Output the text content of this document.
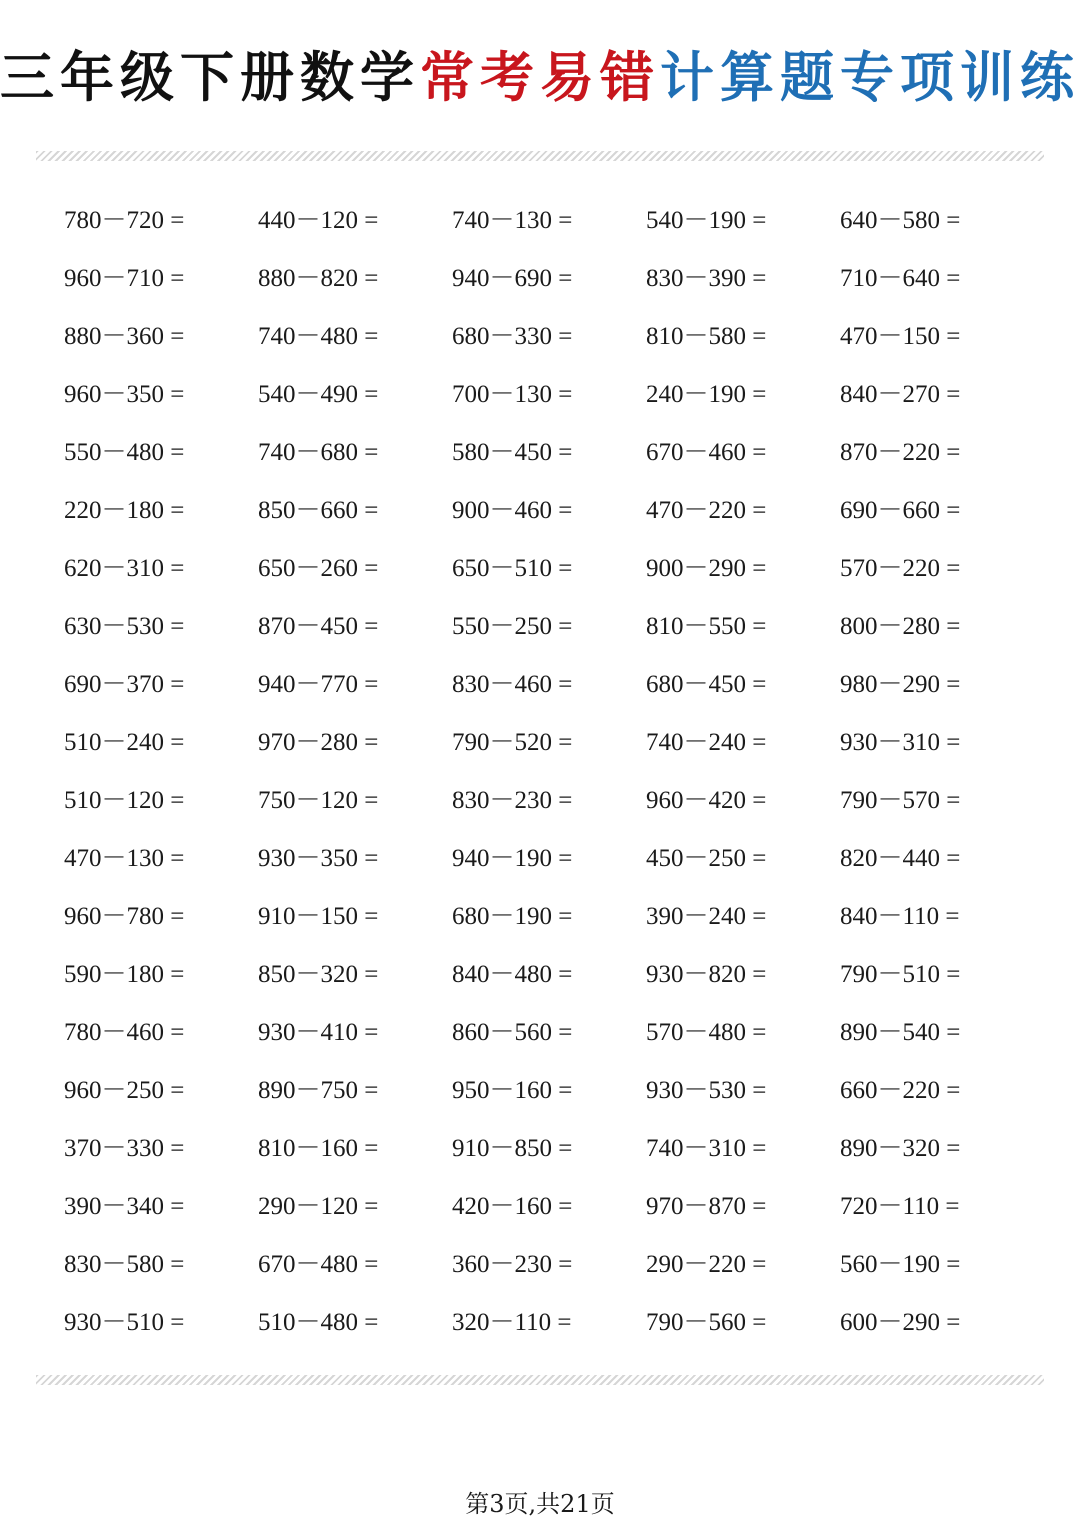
三年级下册数学常考易错计算题专项训练
780－720 =	440－120 =	740－130 =	540－190 =	640－580 =
960－710 =	880－820 =	940－690 =	830－390 =	710－640 =
880－360 =	740－480 =	680－330 =	810－580 =	470－150 =
960－350 =	540－490 =	700－130 =	240－190 =	840－270 =
550－480 =	740－680 =	580－450 =	670－460 =	870－220 =
220－180 =	850－660 =	900－460 =	470－220 =	690－660 =
620－310 =	650－260 =	650－510 =	900－290 =	570－220 =
630－530 =	870－450 =	550－250 =	810－550 =	800－280 =
690－370 =	940－770 =	830－460 =	680－450 =	980－290 =
510－240 =	970－280 =	790－520 =	740－240 =	930－310 =
510－120 =	750－120 =	830－230 =	960－420 =	790－570 =
470－130 =	930－350 =	940－190 =	450－250 =	820－440 =
960－780 =	910－150 =	680－190 =	390－240 =	840－110 =
590－180 =	850－320 =	840－480 =	930－820 =	790－510 =
780－460 =	930－410 =	860－560 =	570－480 =	890－540 =
960－250 =	890－750 =	950－160 =	930－530 =	660－220 =
370－330 =	810－160 =	910－850 =	740－310 =	890－320 =
390－340 =	290－120 =	420－160 =	970－870 =	720－110 =
830－580 =	670－480 =	360－230 =	290－220 =	560－190 =
930－510 =	510－480 =	320－110 =	790－560 =	600－290 =
第3页,共21页
